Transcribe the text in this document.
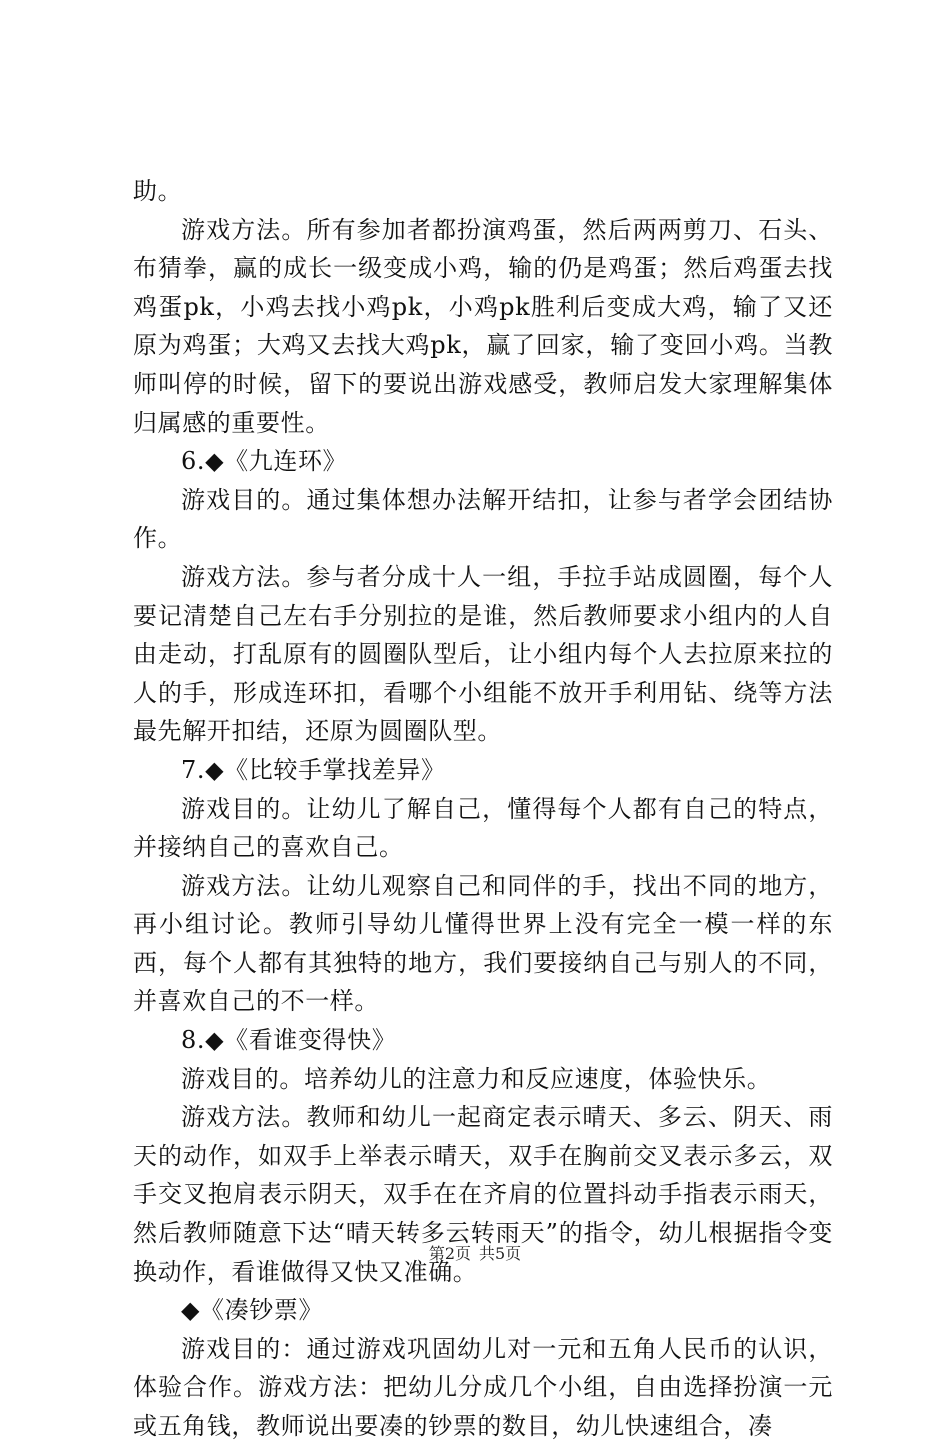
助。

游戏方法。所有参加者都扮演鸡蛋，然后两两剪刀、石头、布猜拳，赢的成长一级变成小鸡，输的仍是鸡蛋；然后鸡蛋去找鸡蛋pk，小鸡去找小鸡pk，小鸡pk胜利后变成大鸡，输了又还原为鸡蛋；大鸡又去找大鸡pk，赢了回家，输了变回小鸡。当教师叫停的时候，留下的要说出游戏感受，教师启发大家理解集体归属感的重要性。

6.◆《九连环》

游戏目的。通过集体想办法解开结扣，让参与者学会团结协作。

游戏方法。参与者分成十人一组，手拉手站成圆圈，每个人要记清楚自己左右手分别拉的是谁，然后教师要求小组内的人自由走动，打乱原有的圆圈队型后，让小组内每个人去拉原来拉的人的手，形成连环扣，看哪个小组能不放开手利用钻、绕等方法最先解开扣结，还原为圆圈队型。

7.◆《比较手掌找差异》

游戏目的。让幼儿了解自己，懂得每个人都有自己的特点，并接纳自己的喜欢自己。

游戏方法。让幼儿观察自己和同伴的手，找出不同的地方，再小组讨论。教师引导幼儿懂得世界上没有完全一模一样的东西，每个人都有其独特的地方，我们要接纳自己与别人的不同，并喜欢自己的不一样。

8.◆《看谁变得快》

游戏目的。培养幼儿的注意力和反应速度，体验快乐。

游戏方法。教师和幼儿一起商定表示晴天、多云、阴天、雨天的动作，如双手上举表示晴天，双手在胸前交叉表示多云，双手交叉抱肩表示阴天，双手在在齐肩的位置抖动手指表示雨天，然后教师随意下达“晴天转多云转雨天”的指令，幼儿根据指令变换动作，看谁做得又快又准确。

◆《凑钞票》

游戏目的：通过游戏巩固幼儿对一元和五角人民币的认识，体验合作。游戏方法：把幼儿分成几个小组，自由选择扮演一元或五角钱，教师说出要凑的钞票的数目，幼儿快速组合，凑

第2页 共5页
